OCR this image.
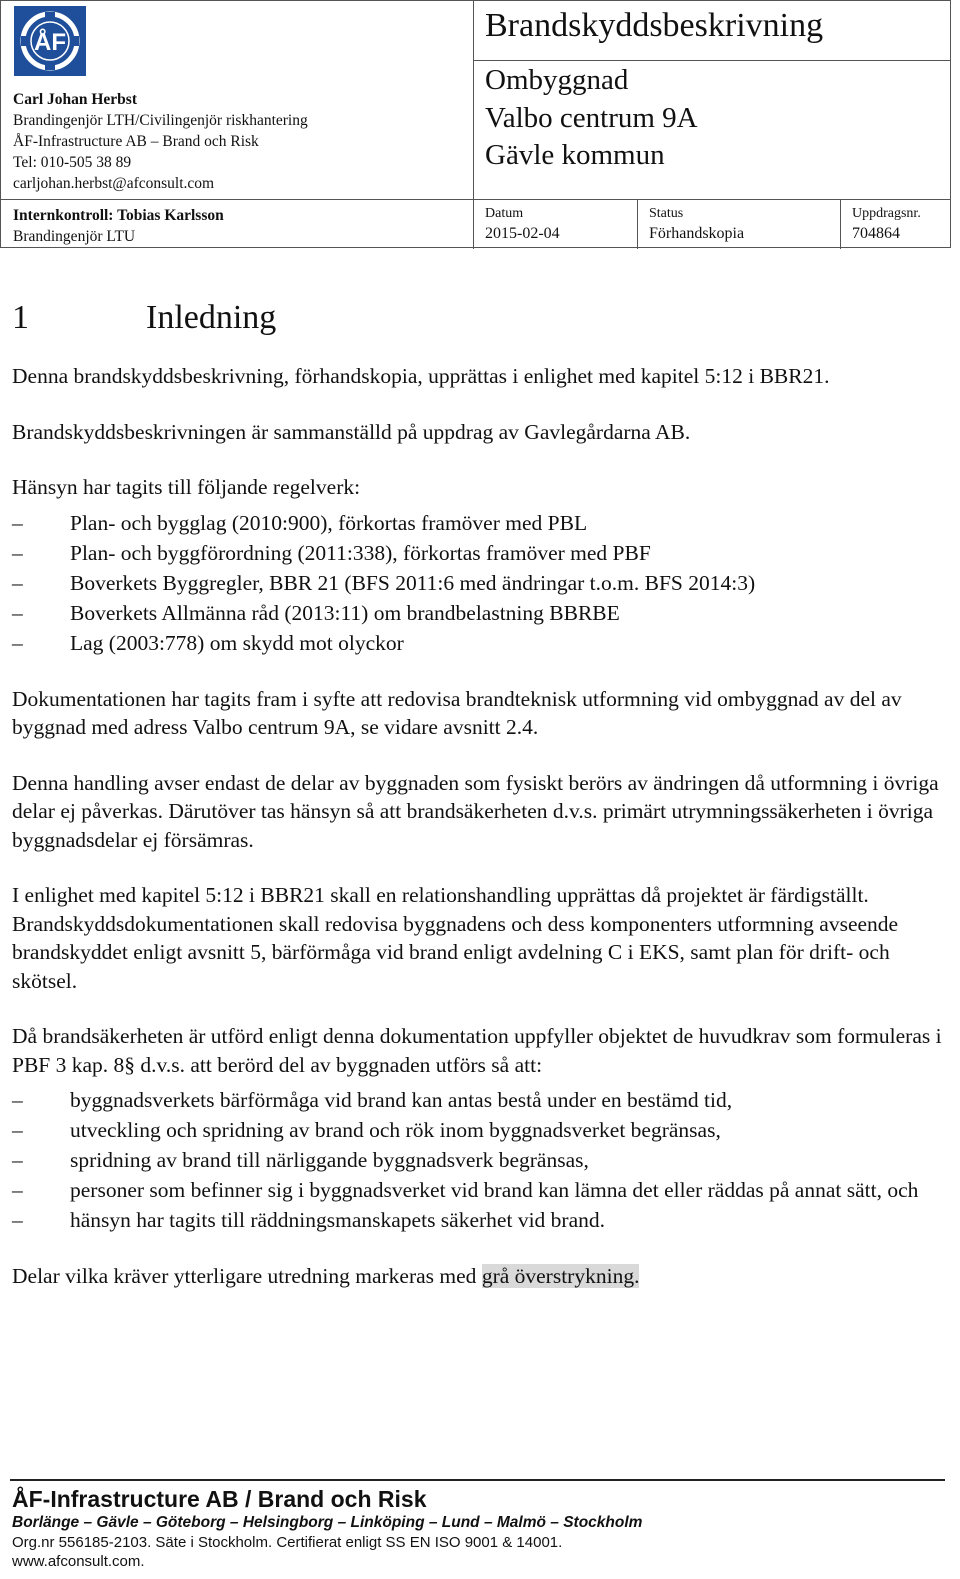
ÅF
Carl Johan Herbst
Brandingenjör LTH/Civilingenjör riskhantering
ÅF-Infrastructure AB – Brand och Risk
Tel: 010-505 38 89
carljohan.herbst@afconsult.com
Internkontroll: Tobias Karlsson
Brandingenjör LTU
Brandskyddsbeskrivning
Ombyggnad
Valbo centrum 9A
Gävle kommun
Datum
2015-02-04
Status
Förhandskopia
Uppdragsnr.
704864
1	Inledning

Denna brandskyddsbeskrivning, förhandskopia, upprättas i enlighet med kapitel 5:12 i BBR21.

Brandskyddsbeskrivningen är sammanställd på uppdrag av Gavlegårdarna AB.

Hänsyn har tagits till följande regelverk:

– Plan- och bygglag (2010:900), förkortas framöver med PBL
– Plan- och byggförordning (2011:338), förkortas framöver med PBF
– Boverkets Byggregler, BBR 21 (BFS 2011:6 med ändringar t.o.m. BFS 2014:3)
– Boverkets Allmänna råd (2013:11) om brandbelastning BBRBE
– Lag (2003:778) om skydd mot olyckor

Dokumentationen har tagits fram i syfte att redovisa brandteknisk utformning vid ombyggnad av del av byggnad med adress Valbo centrum 9A, se vidare avsnitt 2.4.

Denna handling avser endast de delar av byggnaden som fysiskt berörs av ändringen då utformning i övriga delar ej påverkas. Därutöver tas hänsyn så att brandsäkerheten d.v.s. primärt utrymningssäkerheten i övriga byggnadsdelar ej försämras.

I enlighet med kapitel 5:12 i BBR21 skall en relationshandling upprättas då projektet är färdigställt. Brandskyddsdokumentationen skall redovisa byggnadens och dess komponenters utformning avseende brandskyddet enligt avsnitt 5, bärförmåga vid brand enligt avdelning C i EKS, samt plan för drift- och skötsel.

Då brandsäkerheten är utförd enligt denna dokumentation uppfyller objektet de huvudkrav som formuleras i PBF 3 kap. 8§ d.v.s. att berörd del av byggnaden utförs så att:

– byggnadsverkets bärförmåga vid brand kan antas bestå under en bestämd tid,
– utveckling och spridning av brand och rök inom byggnadsverket begränsas,
– spridning av brand till närliggande byggnadsverk begränsas,
– personer som befinner sig i byggnadsverket vid brand kan lämna det eller räddas på annat sätt, och
– hänsyn har tagits till räddningsmanskapets säkerhet vid brand.

Delar vilka kräver ytterligare utredning markeras med grå överstrykning.

ÅF-Infrastructure AB / Brand och Risk
Borlänge – Gävle – Göteborg – Helsingborg – Linköping – Lund – Malmö – Stockholm
Org.nr 556185-2103. Säte i Stockholm. Certifierat enligt SS EN ISO 9001 & 14001.
www.afconsult.com.
